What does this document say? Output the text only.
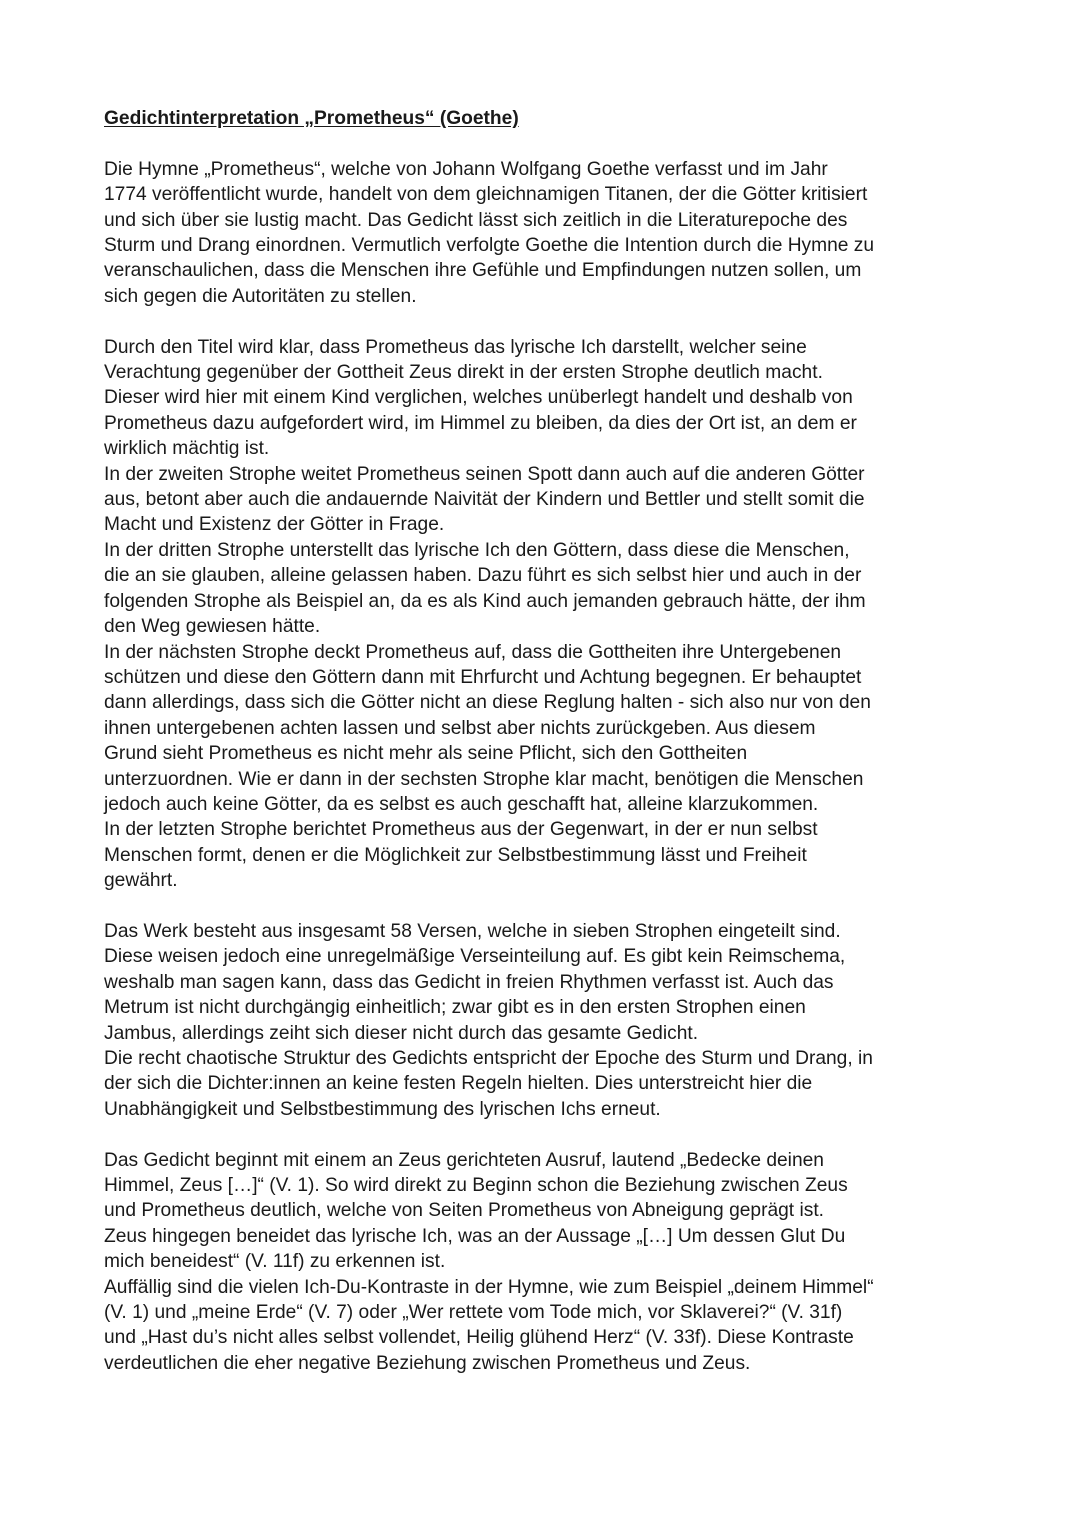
Gedichtinterpretation „Prometheus“ (Goethe)

Die Hymne „Prometheus“, welche von Johann Wolfgang Goethe verfasst und im Jahr
1774 veröffentlicht wurde, handelt von dem gleichnamigen Titanen, der die Götter kritisiert
und sich über sie lustig macht. Das Gedicht lässt sich zeitlich in die Literaturepoche des
Sturm und Drang einordnen. Vermutlich verfolgte Goethe die Intention durch die Hymne zu
veranschaulichen, dass die Menschen ihre Gefühle und Empfindungen nutzen sollen, um
sich gegen die Autoritäten zu stellen.

Durch den Titel wird klar, dass Prometheus das lyrische Ich darstellt, welcher seine
Verachtung gegenüber der Gottheit Zeus direkt in der ersten Strophe deutlich macht.
Dieser wird hier mit einem Kind verglichen, welches unüberlegt handelt und deshalb von
Prometheus dazu aufgefordert wird, im Himmel zu bleiben, da dies der Ort ist, an dem er
wirklich mächtig ist.

In der zweiten Strophe weitet Prometheus seinen Spott dann auch auf die anderen Götter
aus, betont aber auch die andauernde Naivität der Kindern und Bettler und stellt somit die
Macht und Existenz der Götter in Frage.

In der dritten Strophe unterstellt das lyrische Ich den Göttern, dass diese die Menschen,
die an sie glauben, alleine gelassen haben. Dazu führt es sich selbst hier und auch in der
folgenden Strophe als Beispiel an, da es als Kind auch jemanden gebrauch hätte, der ihm
den Weg gewiesen hätte.

In der nächsten Strophe deckt Prometheus auf, dass die Gottheiten ihre Untergebenen
schützen und diese den Göttern dann mit Ehrfurcht und Achtung begegnen. Er behauptet
dann allerdings, dass sich die Götter nicht an diese Reglung halten - sich also nur von den
ihnen untergebenen achten lassen und selbst aber nichts zurückgeben. Aus diesem
Grund sieht Prometheus es nicht mehr als seine Pflicht, sich den Gottheiten
unterzuordnen. Wie er dann in der sechsten Strophe klar macht, benötigen die Menschen
jedoch auch keine Götter, da es selbst es auch geschafft hat, alleine klarzukommen.

In der letzten Strophe berichtet Prometheus aus der Gegenwart, in der er nun selbst
Menschen formt, denen er die Möglichkeit zur Selbstbestimmung lässt und Freiheit
gewährt.

Das Werk besteht aus insgesamt 58 Versen, welche in sieben Strophen eingeteilt sind.
Diese weisen jedoch eine unregelmäßige Verseinteilung auf. Es gibt kein Reimschema,
weshalb man sagen kann, dass das Gedicht in freien Rhythmen verfasst ist. Auch das
Metrum ist nicht durchgängig einheitlich; zwar gibt es in den ersten Strophen einen
Jambus, allerdings zeiht sich dieser nicht durch das gesamte Gedicht.

Die recht chaotische Struktur des Gedichts entspricht der Epoche des Sturm und Drang, in
der sich die Dichter:innen an keine festen Regeln hielten. Dies unterstreicht hier die
Unabhängigkeit und Selbstbestimmung des lyrischen Ichs erneut.

Das Gedicht beginnt mit einem an Zeus gerichteten Ausruf, lautend „Bedecke deinen
Himmel, Zeus […]“ (V. 1). So wird direkt zu Beginn schon die Beziehung zwischen Zeus
und Prometheus deutlich, welche von Seiten Prometheus von Abneigung geprägt ist.
Zeus hingegen beneidet das lyrische Ich, was an der Aussage „[…] Um dessen Glut Du
mich beneidest“ (V. 11f) zu erkennen ist.

Auffällig sind die vielen Ich-Du-Kontraste in der Hymne, wie zum Beispiel „deinem Himmel“
(V. 1) und „meine Erde“ (V. 7) oder „Wer rettete vom Tode mich, vor Sklaverei?“ (V. 31f)
und „Hast du’s nicht alles selbst vollendet, Heilig glühend Herz“ (V. 33f). Diese Kontraste
verdeutlichen die eher negative Beziehung zwischen Prometheus und Zeus.
